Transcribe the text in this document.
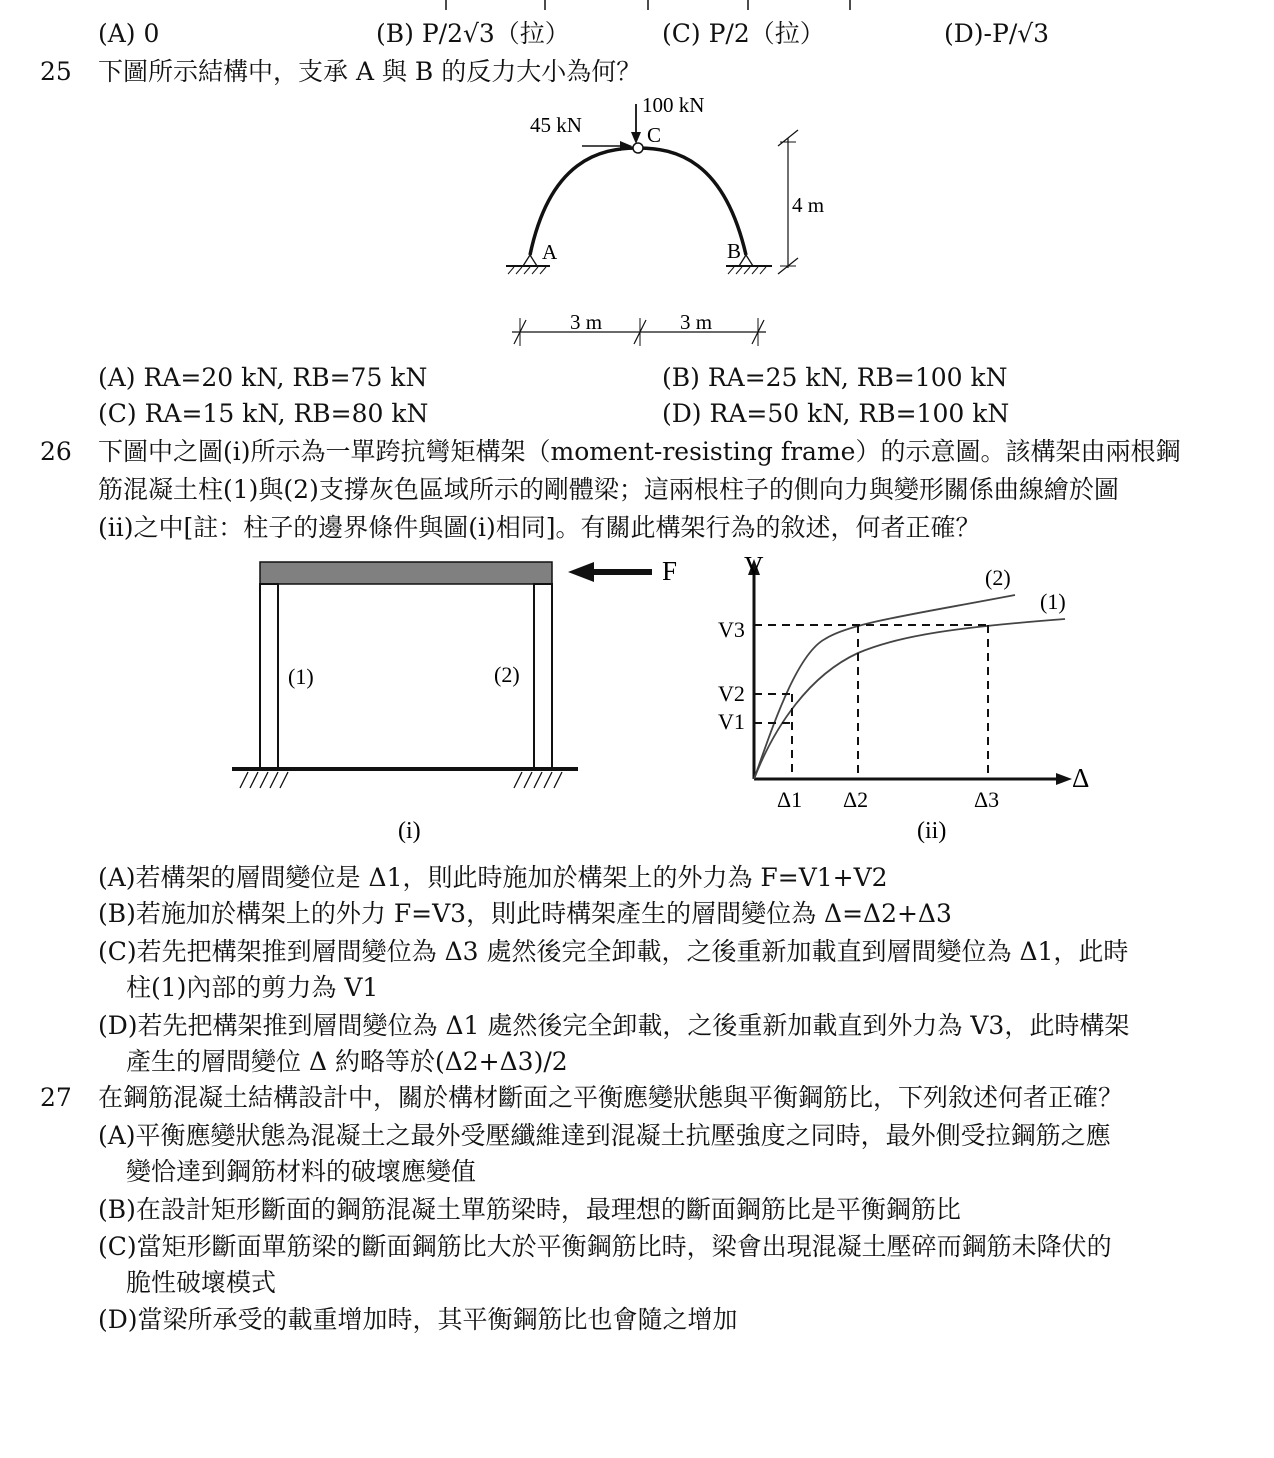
(A) 0	(B) P/2√3（拉）	(C) P/2（拉）	(D)-P/√3
25 下圖所示結構中，支承 A 與 B 的反力大小為何？
100 kN
45 kN	C
A	B
4 m
3 m	3 m
(A) RA=20 kN, RB=75 kN	(B) RA=25 kN, RB=100 kN
(C) RA=15 kN, RB=80 kN	(D) RA=50 kN, RB=100 kN
26 下圖中之圖(i)所示為一單跨抗彎矩構架（moment-resisting frame）的示意圖。該構架由兩根鋼
筋混凝土柱(1)與(2)支撐灰色區域所示的剛體梁；這兩根柱子的側向力與變形關係曲線繪於圖
(ii)之中[註：柱子的邊界條件與圖(i)相同]。有關此構架行為的敘述，何者正確？
F
(1)	(2)
(i)
V
Δ
V3
V2
V1
Δ1 Δ2	Δ3
(2)
(1)
(ii)
(A)若構架的層間變位是 Δ1，則此時施加於構架上的外力為 F=V1+V2
(B)若施加於構架上的外力 F=V3，則此時構架產生的層間變位為 Δ=Δ2+Δ3
(C)若先把構架推到層間變位為 Δ3 處然後完全卸載，之後重新加載直到層間變位為 Δ1，此時
柱(1)內部的剪力為 V1
(D)若先把構架推到層間變位為 Δ1 處然後完全卸載，之後重新加載直到外力為 V3，此時構架
產生的層間變位 Δ 約略等於(Δ2+Δ3)/2
27 在鋼筋混凝土結構設計中，關於構材斷面之平衡應變狀態與平衡鋼筋比，下列敘述何者正確？
(A)平衡應變狀態為混凝土之最外受壓纖維達到混凝土抗壓強度之同時，最外側受拉鋼筋之應
變恰達到鋼筋材料的破壞應變值
(B)在設計矩形斷面的鋼筋混凝土單筋梁時，最理想的斷面鋼筋比是平衡鋼筋比
(C)當矩形斷面單筋梁的斷面鋼筋比大於平衡鋼筋比時，梁會出現混凝土壓碎而鋼筋未降伏的
脆性破壞模式
(D)當梁所承受的載重增加時，其平衡鋼筋比也會隨之增加
